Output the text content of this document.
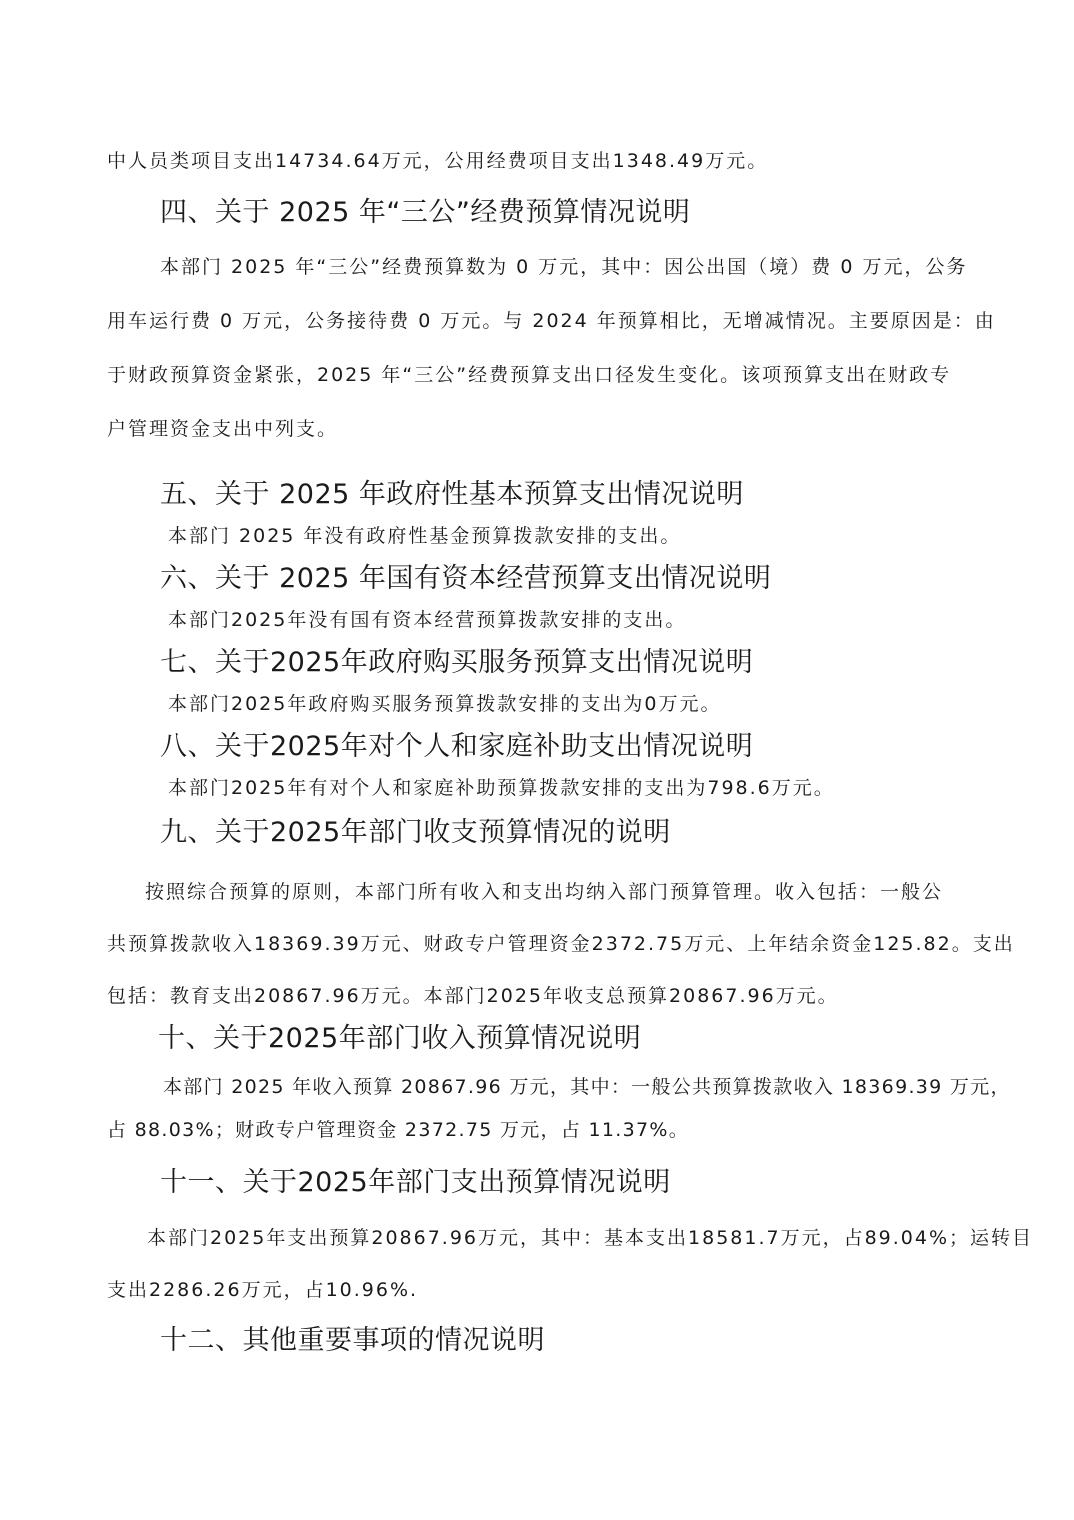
中人员类项目支出14734.64万元，公用经费项目支出1348.49万元。

四、关于 2025 年“三公”经费预算情况说明

本部门 2025 年“三公”经费预算数为 0 万元，其中：因公出国（境）费 0 万元，公务
用车运行费 0 万元，公务接待费 0 万元。与 2024 年预算相比，无增减情况。主要原因是：由
于财政预算资金紧张，2025 年“三公”经费预算支出口径发生变化。该项预算支出在财政专
户管理资金支出中列支。

五、关于 2025 年政府性基本预算支出情况说明

本部门 2025 年没有政府性基金预算拨款安排的支出。

六、关于 2025 年国有资本经营预算支出情况说明

本部门2025年没有国有资本经营预算拨款安排的支出。

七、关于2025年政府购买服务预算支出情况说明

本部门2025年政府购买服务预算拨款安排的支出为0万元。

八、关于2025年对个人和家庭补助支出情况说明

本部门2025年有对个人和家庭补助预算拨款安排的支出为798.6万元。

九、关于2025年部门收支预算情况的说明

按照综合预算的原则，本部门所有收入和支出均纳入部门预算管理。收入包括：一般公
共预算拨款收入18369.39万元、财政专户管理资金2372.75万元、上年结余资金125.82。支出
包括：教育支出20867.96万元。本部门2025年收支总预算20867.96万元。

十、关于2025年部门收入预算情况说明

本部门 2025 年收入预算 20867.96 万元，其中：一般公共预算拨款收入 18369.39 万元，
占 88.03%；财政专户管理资金 2372.75 万元，占 11.37%。

十一、关于2025年部门支出预算情况说明

本部门2025年支出预算20867.96万元，其中：基本支出18581.7万元，占89.04%；运转目
支出2286.26万元，占10.96%.

十二、其他重要事项的情况说明
